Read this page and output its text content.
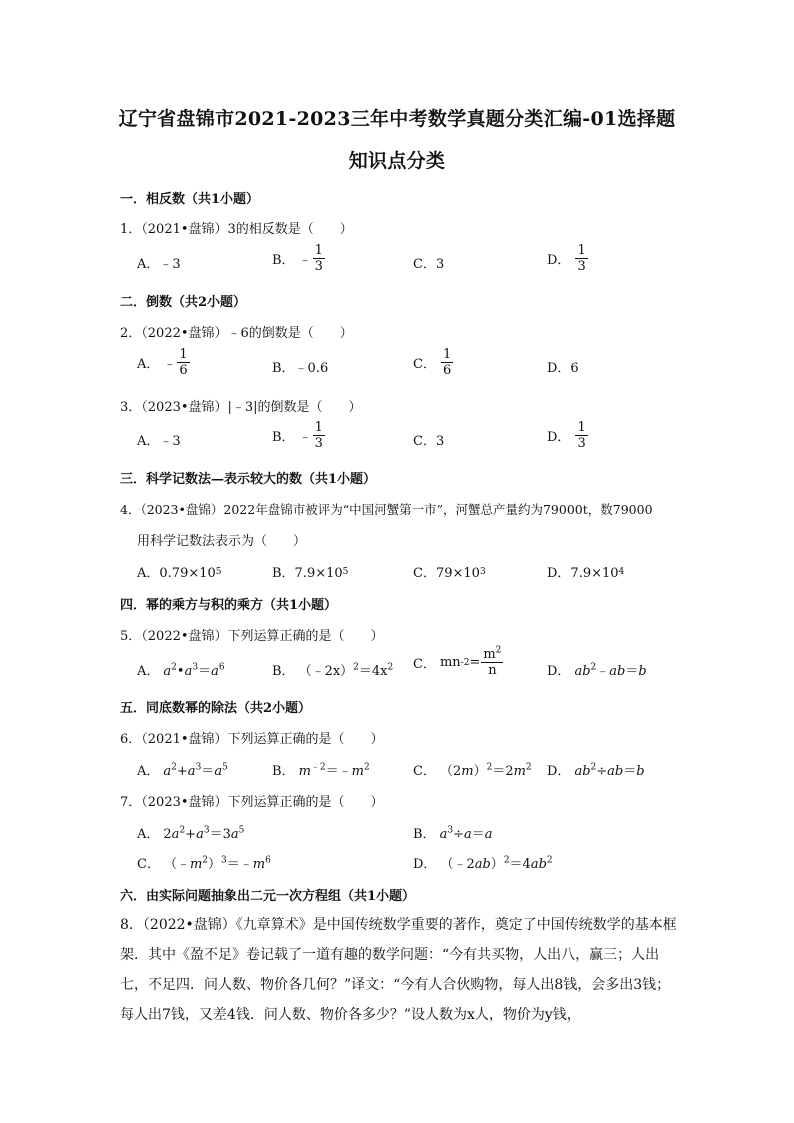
辽宁省盘锦市2021-2023三年中考数学真题分类汇编-01选择题
知识点分类
一．相反数（共1小题）
1．（2021•盘锦）3的相反数是（　　）
A．﹣3	B． ﹣ $\frac{1}{3}$	C．3	D． $\frac{1}{3}$
二．倒数（共2小题）
2．（2022•盘锦）﹣6的倒数是（　　）
A． ﹣ $\frac{1}{6}$	B．﹣0.6	C． $\frac{1}{6}$	D．6
3．（2023•盘锦）|﹣3|的倒数是（　　）
A．﹣3	B． ﹣ $\frac{1}{3}$	C．3	D． $\frac{1}{3}$
三．科学记数法—表示较大的数（共1小题）
4．（2023•盘锦）2022年盘锦市被评为“中国河蟹第一市”，河蟹总产量约为79000t，数79000
用科学记数法表示为（　　）
A．0.79×10 5	B．7.9×10 5	C．79×10 3	D．7.9×10 4
四．幂的乘方与积的乘方（共1小题）
5．（2022•盘锦）下列运算正确的是（　　）
A． $a^2•a^3=a^6$	B． $(﹣2x)^2=4x^2$ C． mn $-2 = \frac{m^2}{n}$	D． $ab^2﹣ab=b$
五．同底数幂的除法（共2小题）
6．（2021•盘锦）下列运算正确的是（　　）
A． $a^2+a^3=a^5$	B． $m^{﹣2}=﹣m^2$	C． $(2m)^2=2m^2$ D． $ab^2\div ab=b$
7．（2023•盘锦）下列运算正确的是（　　）
A． $2a^2+a^3=3a^5$	B． $a^3\div a=a$
C． $(﹣m^2)^3=﹣m^6$	D． $(﹣2ab)^2=4ab^2$
六．由实际问题抽象出二元一次方程组（共1小题）
8．（2022•盘锦）《九章算术》是中国传统数学重要的著作，奠定了中国传统数学的基本框架．其中《盈不足》卷记载了一道有趣的数学问题：“今有共买物，人出八，赢三；人出七，不足四．问人数、物价各几何？”译文：“今有人合伙购物，每人出8钱，会多出3钱；每人出7钱，又差4钱．问人数、物价各多少？”设人数为x人，物价为y钱，
